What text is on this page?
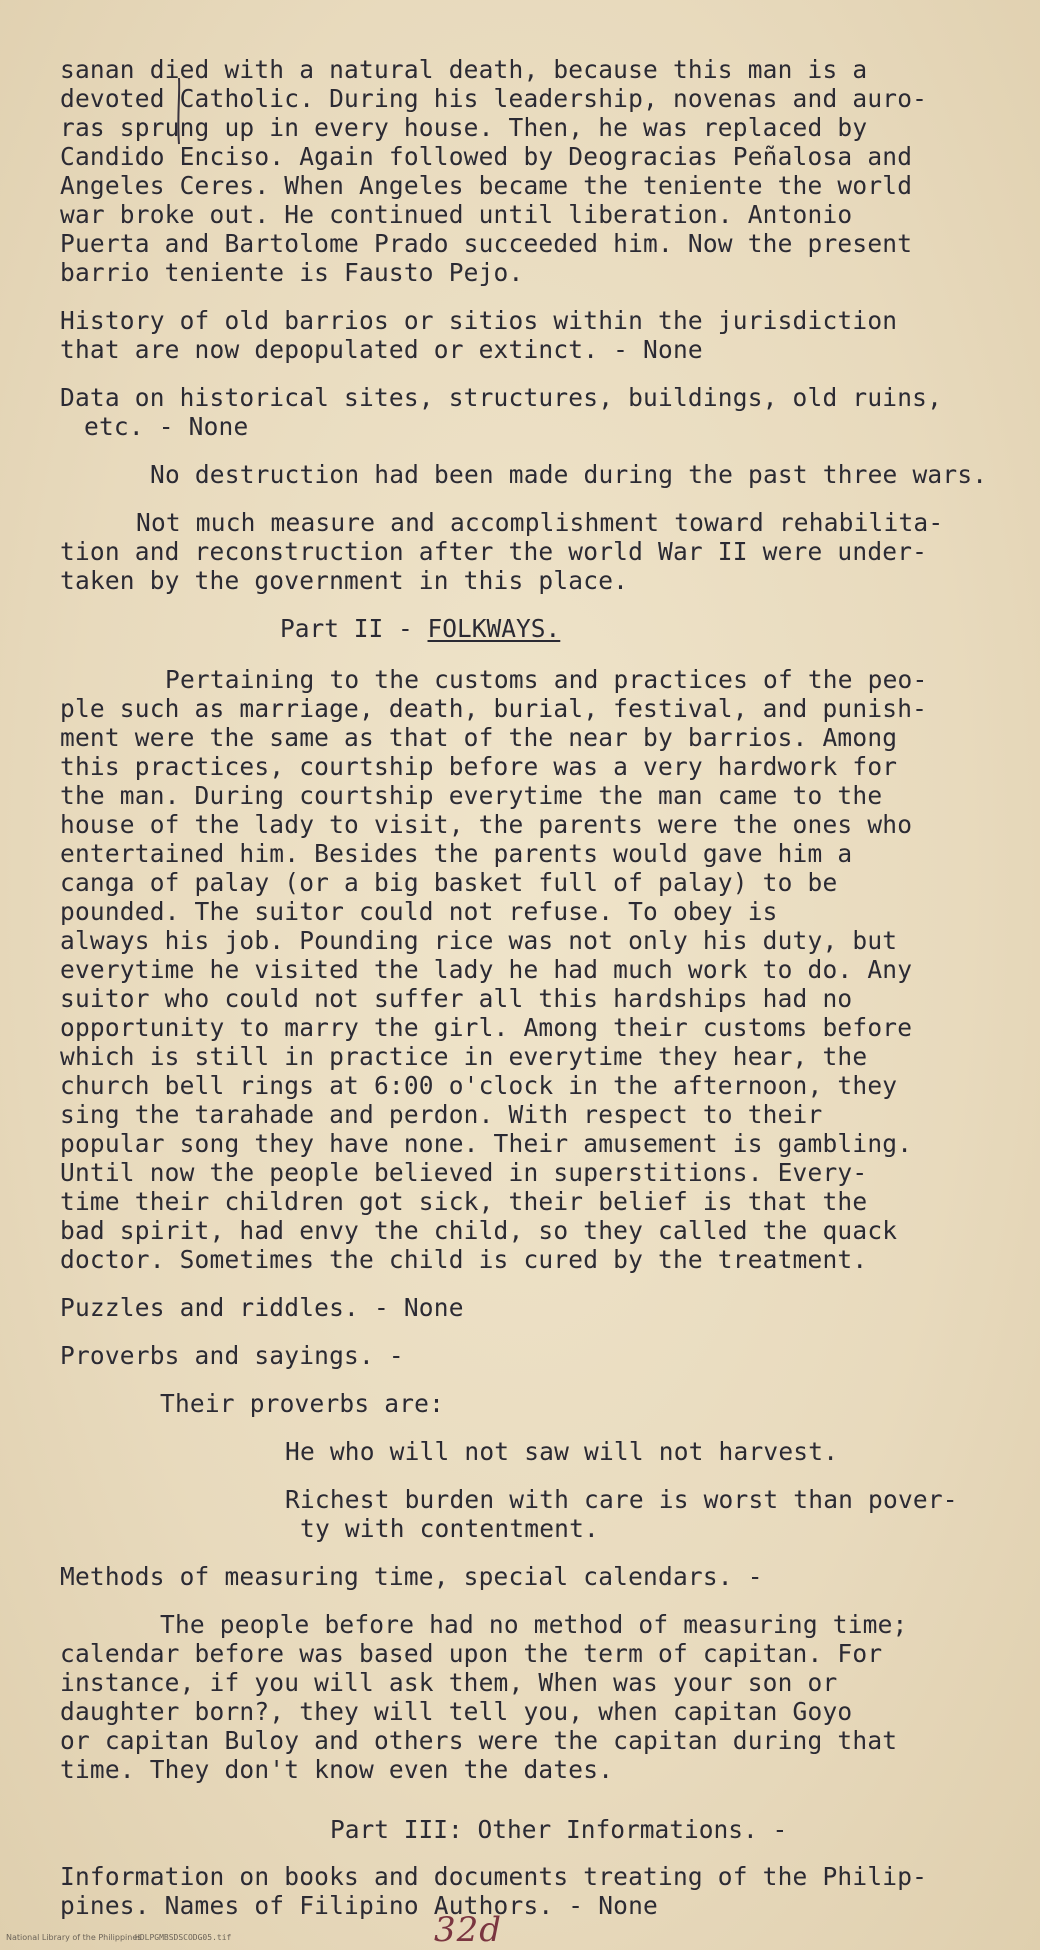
sanan died with a natural death, because this man is a
devoted Catholic. During his leadership, novenas and auro-
ras sprung up in every house. Then, he was replaced by
Candido Enciso. Again followed by Deogracias Peñalosa and
Angeles Ceres. When Angeles became the teniente the world
war broke out. He continued until liberation. Antonio
Puerta and Bartolome Prado succeeded him. Now the present
barrio teniente is Fausto Pejo.
History of old barrios or sitios within the jurisdiction
that are now depopulated or extinct. - None
Data on historical sites, structures, buildings, old ruins,
etc. - None
No destruction had been made during the past three wars.
Not much measure and accomplishment toward rehabilita-
tion and reconstruction after the world War II were under-
taken by the government in this place.
Part II - FOLKWAYS.
Pertaining to the customs and practices of the peo-
ple such as marriage, death, burial, festival, and punish-
ment were the same as that of the near by barrios. Among
this practices, courtship before was a very hardwork for
the man. During courtship everytime the man came to the
house of the lady to visit, the parents were the ones who
entertained him. Besides the parents would gave him a
canga of palay (or a big basket full of palay) to be
pounded. The suitor could not refuse. To obey is
always his job. Pounding rice was not only his duty, but
everytime he visited the lady he had much work to do. Any
suitor who could not suffer all this hardships had no
opportunity to marry the girl. Among their customs before
which is still in practice in everytime they hear, the
church bell rings at 6:00 o'clock in the afternoon, they
sing the tarahade and perdon. With respect to their
popular song they have none. Their amusement is gambling.
Until now the people believed in superstitions. Every-
time their children got sick, their belief is that the
bad spirit, had envy the child, so they called the quack
doctor. Sometimes the child is cured by the treatment.
Puzzles and riddles. - None
Proverbs and sayings. -
Their proverbs are:
He who will not saw will not harvest.
Richest burden with care is worst than pover-
ty with contentment.
Methods of measuring time, special calendars. -
The people before had no method of measuring time;
calendar before was based upon the term of capitan. For
instance, if you will ask them, When was your son or
daughter born?, they will tell you, when capitan Goyo
or capitan Buloy and others were the capitan during that
time. They don't know even the dates.
Part III: Other Informations. -
Information on books and documents treating of the Philip-
pines. Names of Filipino Authors. - None
32d
National Library of the Philippines
HDLPGMBSDSCODG05.tif
